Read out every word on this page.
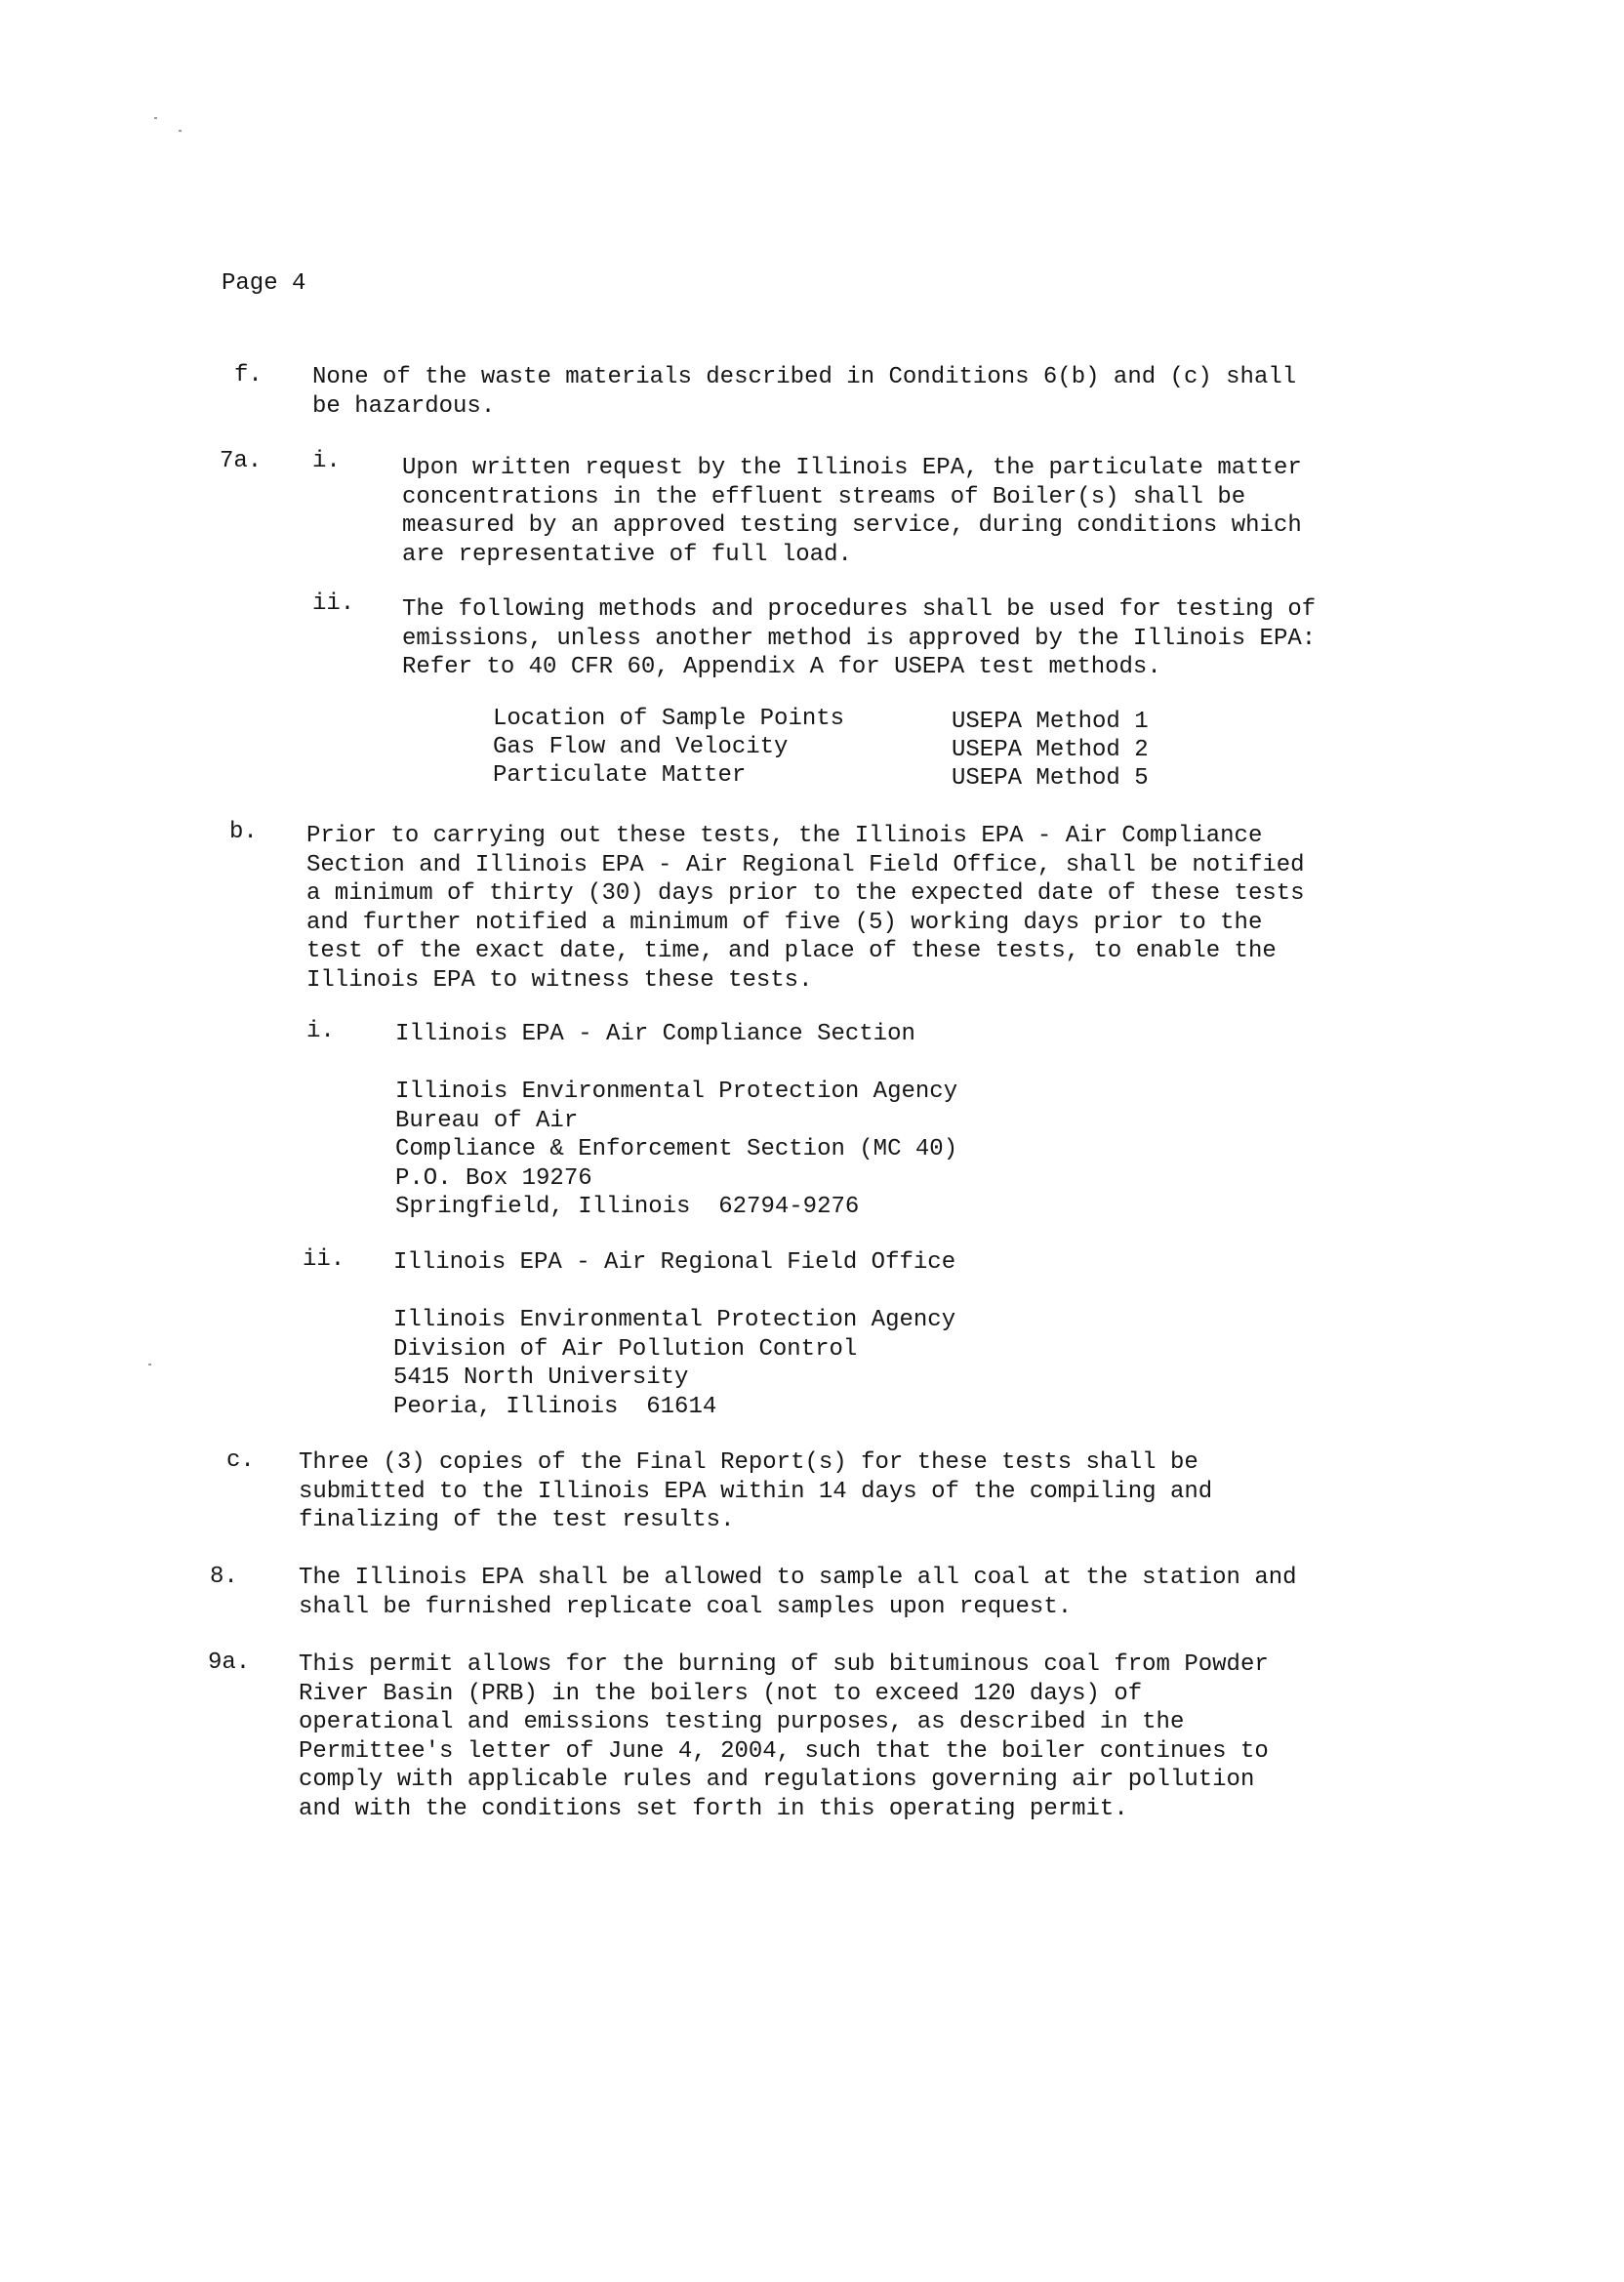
Page 4
f. None of the waste materials described in Conditions 6(b) and (c) shall
be hazardous.
7a. i.	Upon written request by the Illinois EPA, the particulate matter
concentrations in the effluent streams of Boiler(s) shall be
measured by an approved testing service, during conditions which
are representative of full load.
ii. The following methods and procedures shall be used for testing of
emissions, unless another method is approved by the Illinois EPA:
Refer to 40 CFR 60, Appendix A for USEPA test methods.
Location of Sample Points	USEPA Method 1
Gas Flow and Velocity	USEPA Method 2
Particulate Matter	USEPA Method 5
b. Prior to carrying out these tests, the Illinois EPA - Air Compliance
Section and Illinois EPA - Air Regional Field Office, shall be notified
a minimum of thirty (30) days prior to the expected date of these tests
and further notified a minimum of five (5) working days prior to the
test of the exact date, time, and place of these tests, to enable the
Illinois EPA to witness these tests.
i.	Illinois EPA - Air Compliance Section
Illinois Environmental Protection Agency
Bureau of Air
Compliance & Enforcement Section (MC 40)
P.O. Box 19276
Springfield, Illinois  62794-9276
ii. Illinois EPA - Air Regional Field Office
Illinois Environmental Protection Agency
Division of Air Pollution Control
5415 North University
Peoria, Illinois  61614
c. Three (3) copies of the Final Report(s) for these tests shall be
submitted to the Illinois EPA within 14 days of the compiling and
finalizing of the test results.
8.	The Illinois EPA shall be allowed to sample all coal at the station and
shall be furnished replicate coal samples upon request.
9a. This permit allows for the burning of sub bituminous coal from Powder
River Basin (PRB) in the boilers (not to exceed 120 days) of
operational and emissions testing purposes, as described in the
Permittee's letter of June 4, 2004, such that the boiler continues to
comply with applicable rules and regulations governing air pollution
and with the conditions set forth in this operating permit.
